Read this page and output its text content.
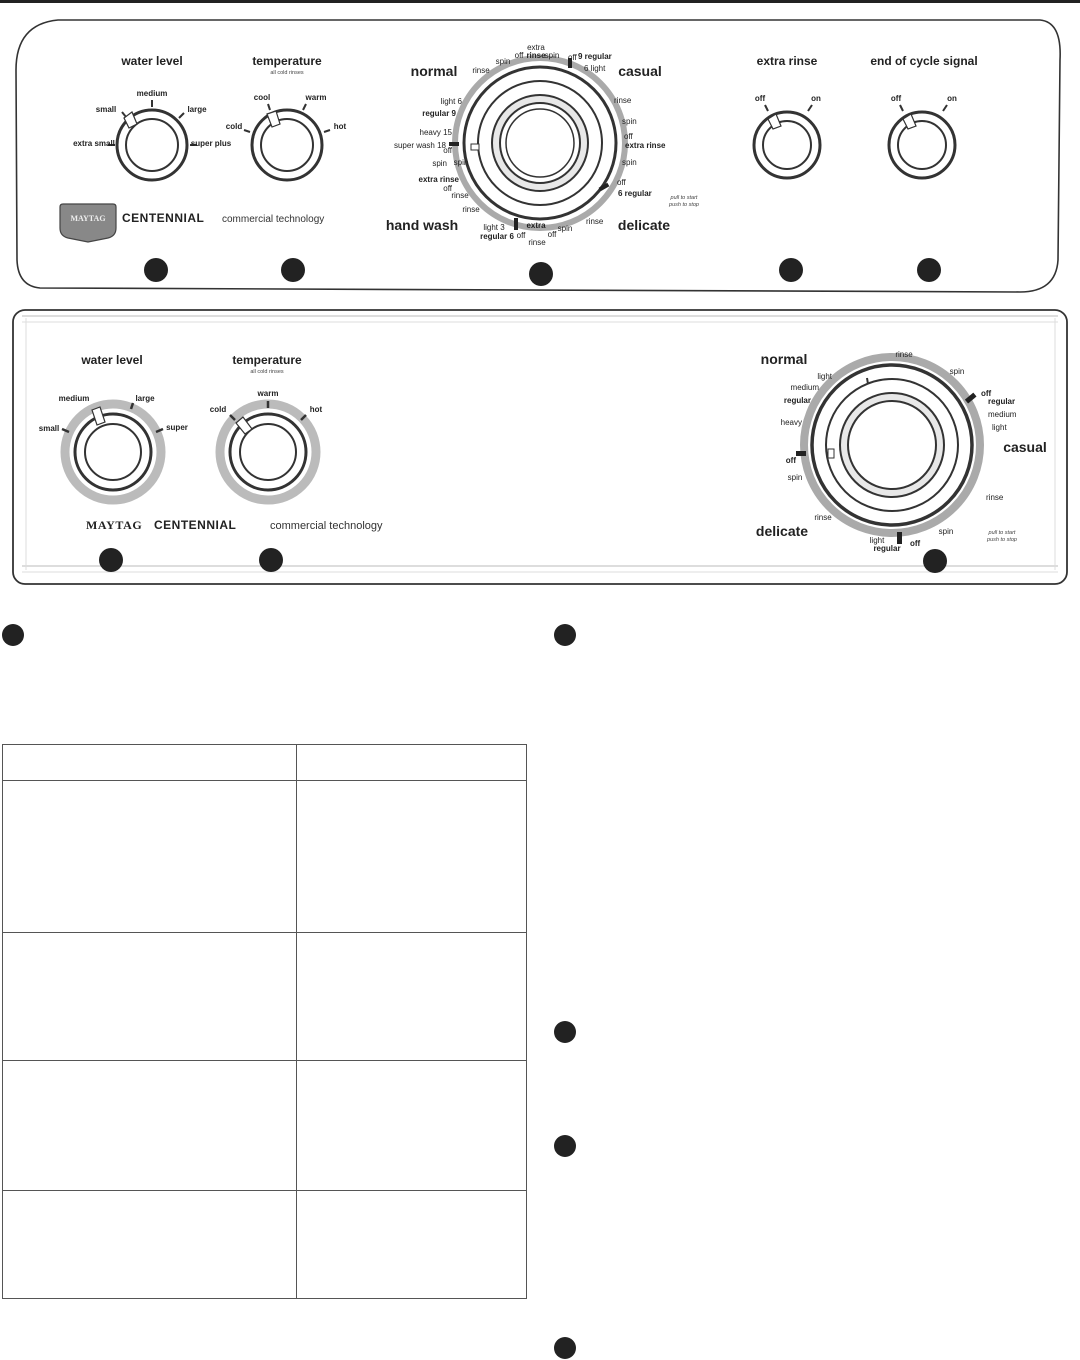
water level
small
medium
large
extra small	super plus
temperature
all cold rinses
cool	warm
cold	hot
MAYTAG CENTENNIAL commercial technology
normal	casual
hand wash	delicate
pull to start
push to stop
spin
off
extra
rinse spin off 9 regular
6 light
rinse
rinse
spin
off
extra rinse
spin
off
6 regular
rinse
spin
off
extra
rinse
off
rinse
light 3
regular 6
rinse
spin
off
extra rinse
heavy 15
super wash 18
off
spin
light 6
regular 9
extra rinse
off	on
end of cycle signal
off	on
water level
small
medium	large
super
temperature
all cold rinses
cold
warm
hot
MAYTAG CENTENNIAL	commercial technology
normal
casual
delicate	pull to start
push to stop
rinse
spin
off
regular
medium
light
rinse
spin
off
light
regular
rinse
spin
off
heavy
regular
medium
light
